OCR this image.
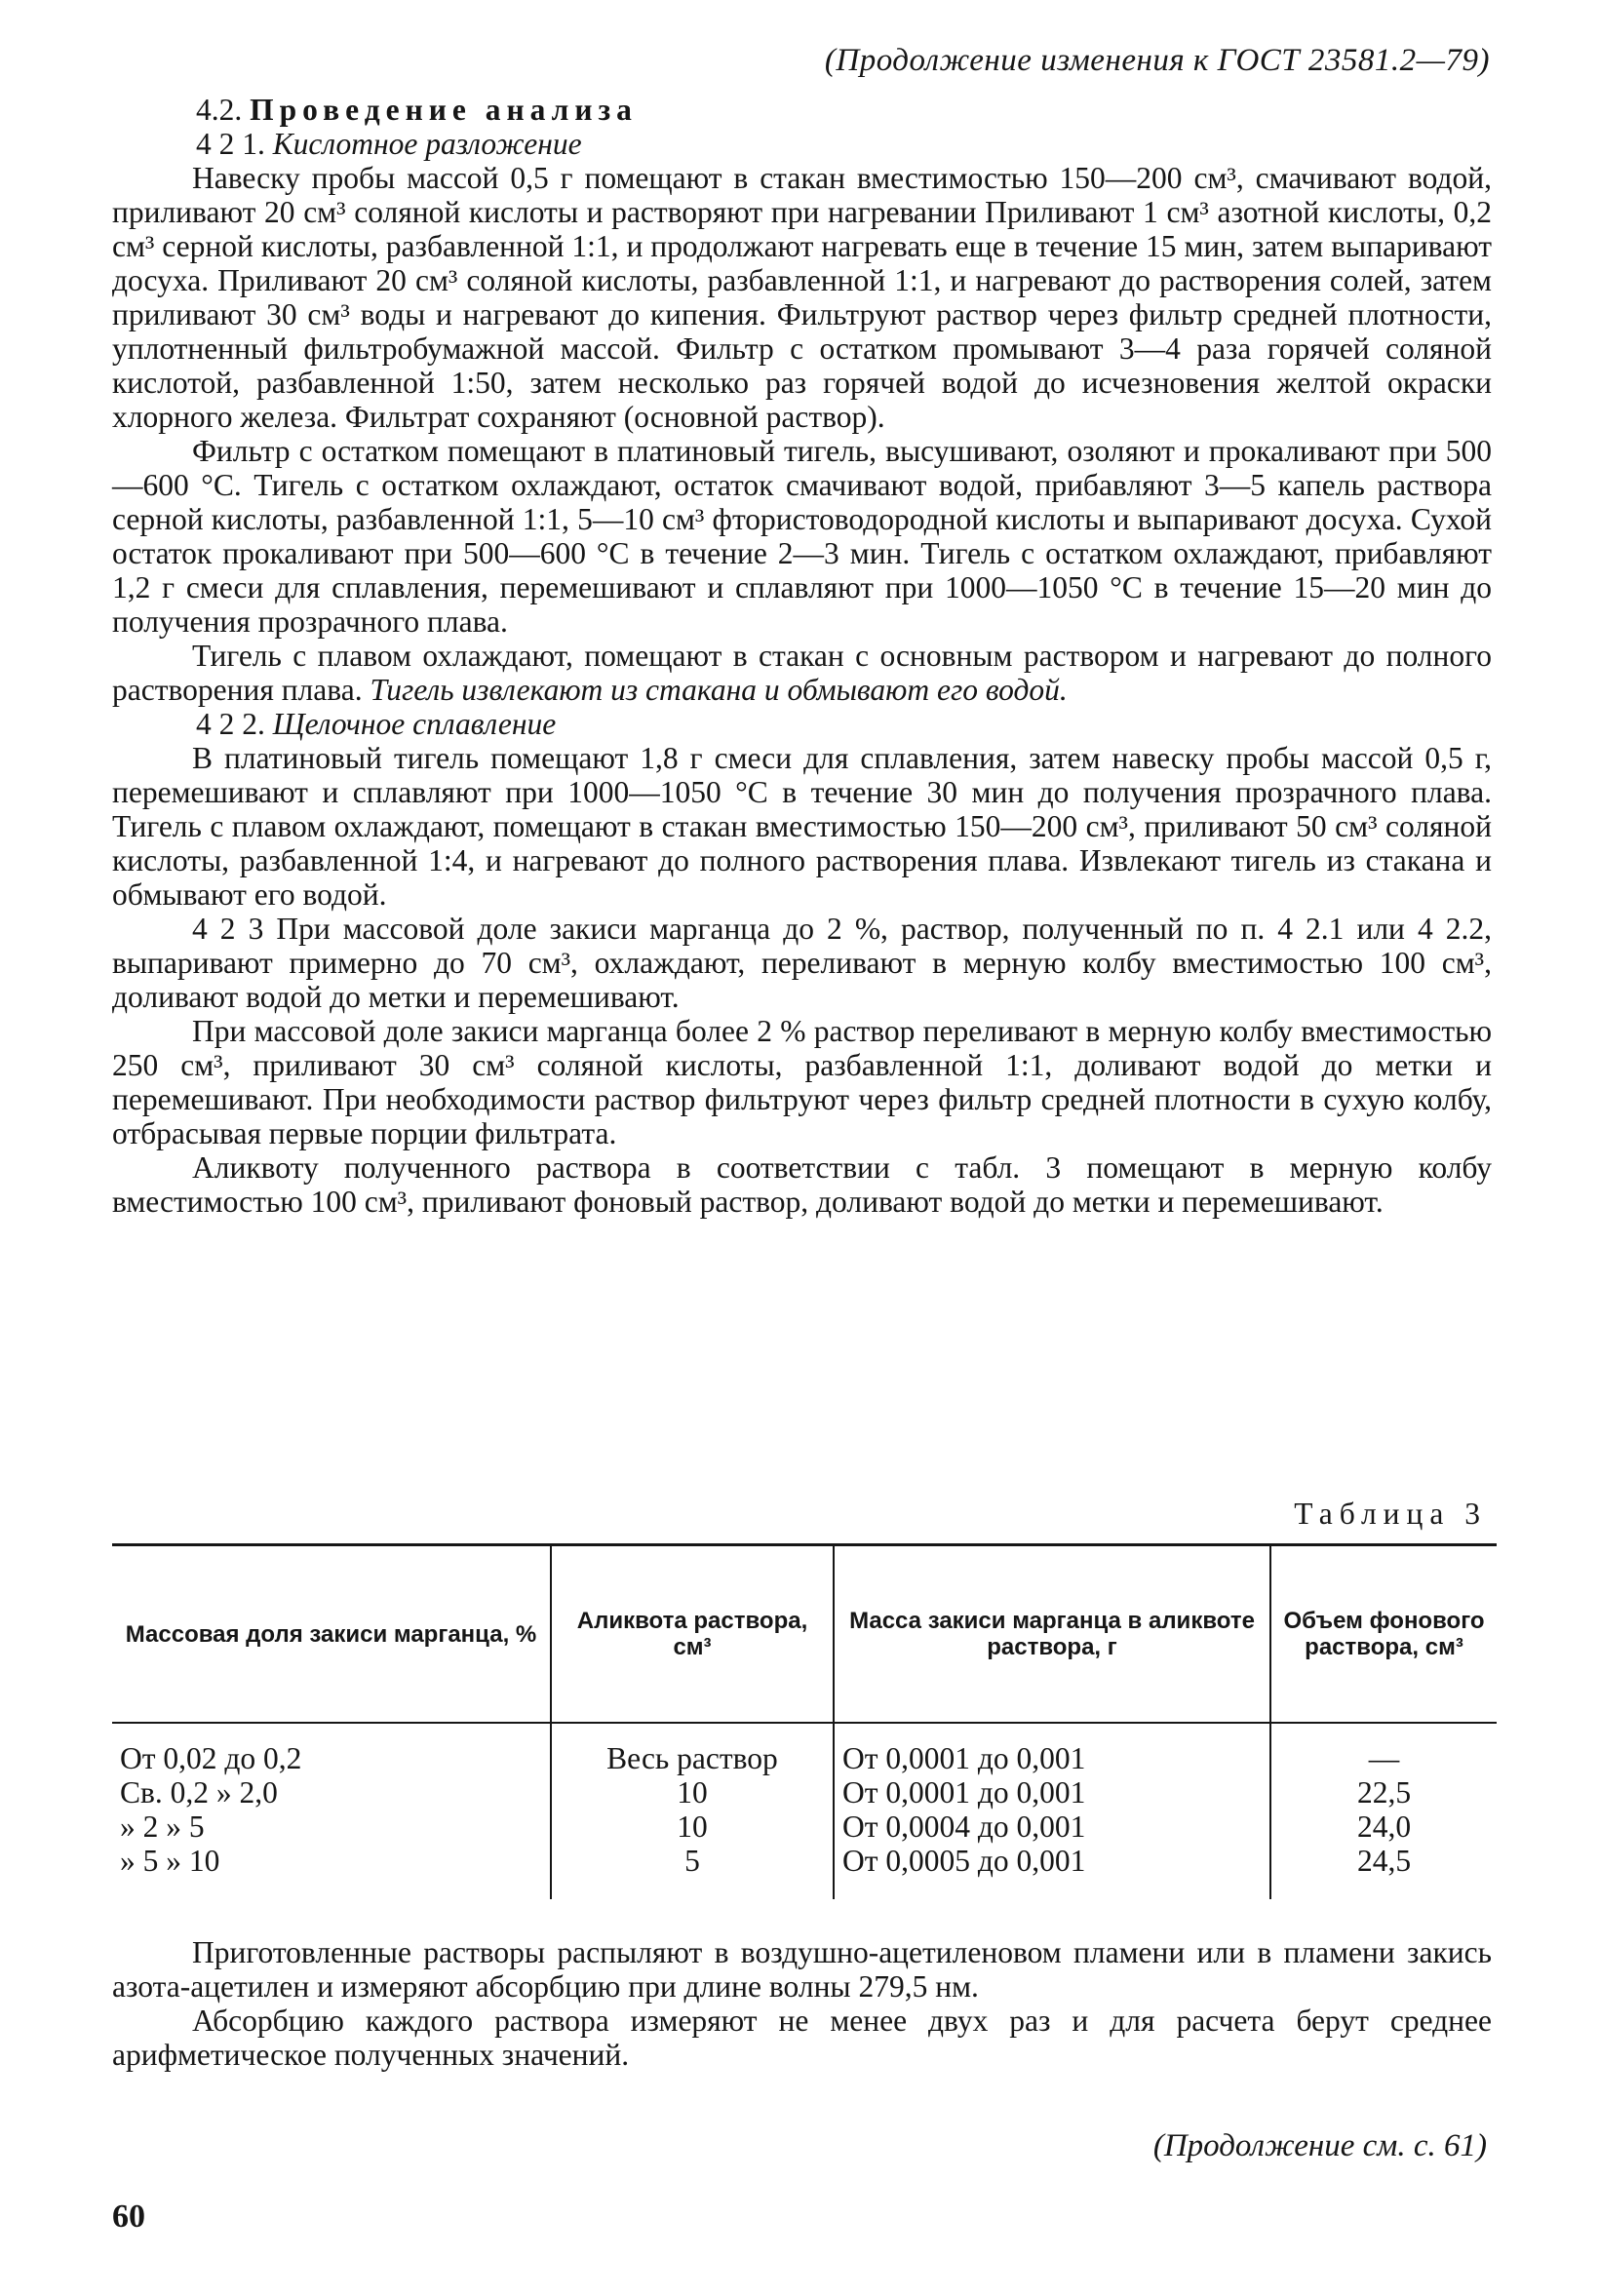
(Продолжение изменения к ГОСТ 23581.2—79)
4.2. Проведение анализа
4 2 1. Кислотное разложение

Навеску пробы массой 0,5 г помещают в стакан вместимостью 150—200 см³, смачивают водой, приливают 20 см³ соляной кислоты и растворяют при нагревании Приливают 1 см³ азотной кислоты, 0,2 см³ серной кислоты, разбавленной 1:1, и продолжают нагревать еще в течение 15 мин, затем выпаривают досуха. Приливают 20 см³ соляной кислоты, разбавленной 1:1, и нагревают до растворения солей, затем приливают 30 см³ воды и нагревают до кипения. Фильтруют раствор через фильтр средней плотности, уплотненный фильтробумажной массой. Фильтр с остатком промывают 3—4 раза горячей соляной кислотой, разбавленной 1:50, затем несколько раз горячей водой до исчезновения желтой окраски хлорного железа. Фильтрат сохраняют (основной раствор).

Фильтр с остатком помещают в платиновый тигель, высушивают, озоляют и прокаливают при 500—600 °С. Тигель с остатком охлаждают, остаток смачивают водой, прибавляют 3—5 капель раствора серной кислоты, разбавленной 1:1, 5—10 см³ фтористоводородной кислоты и выпаривают досуха. Сухой остаток прокаливают при 500—600 °С в течение 2—3 мин. Тигель с остатком охлаждают, прибавляют 1,2 г смеси для сплавления, перемешивают и сплавляют при 1000—1050 °С в течение 15—20 мин до получения прозрачного плава.

Тигель с плавом охлаждают, помещают в стакан с основным раствором и нагревают до полного растворения плава. Тигель извлекают из стакана и обмывают его водой.

4 2 2. Щелочное сплавление

В платиновый тигель помещают 1,8 г смеси для сплавления, затем навеску пробы массой 0,5 г, перемешивают и сплавляют при 1000—1050 °С в течение 30 мин до получения прозрачного плава. Тигель с плавом охлаждают, помещают в стакан вместимостью 150—200 см³, приливают 50 см³ соляной кислоты, разбавленной 1:4, и нагревают до полного растворения плава. Извлекают тигель из стакана и обмывают его водой.

4 2 3 При массовой доле закиси марганца до 2 %, раствор, полученный по п. 4 2.1 или 4 2.2, выпаривают примерно до 70 см³, охлаждают, переливают в мерную колбу вместимостью 100 см³, доливают водой до метки и перемешивают.

При массовой доле закиси марганца более 2 % раствор переливают в мерную колбу вместимостью 250 см³, приливают 30 см³ соляной кислоты, разбавленной 1:1, доливают водой до метки и перемешивают. При необходимости раствор фильтруют через фильтр средней плотности в сухую колбу, отбрасывая первые порции фильтрата.

Аликвоту полученного раствора в соответствии с табл. 3 помещают в мерную колбу вместимостью 100 см³, приливают фоновый раствор, доливают водой до метки и перемешивают.

Таблица 3
Массовая доля закиси марганца, %	Аликвота раствора, см³	Масса закиси марганца в аликвоте раствора, г	Объем фонового раствора, см³
От 0,02 до 0,2	Весь раствор	От 0,0001 до 0,001	—
Св. 0,2 » 2,0	10	От 0,0001 до 0,001	22,5
» 2 » 5	10	От 0,0004 до 0,001	24,0
» 5 » 10	5	От 0,0005 до 0,001	24,5

Приготовленные растворы распыляют в воздушно-ацетиленовом пламени или в пламени закись азота-ацетилен и измеряют абсорбцию при длине волны 279,5 нм.

Абсорбцию каждого раствора измеряют не менее двух раз и для расчета берут среднее арифметическое полученных значений.

(Продолжение см. с. 61)
60
